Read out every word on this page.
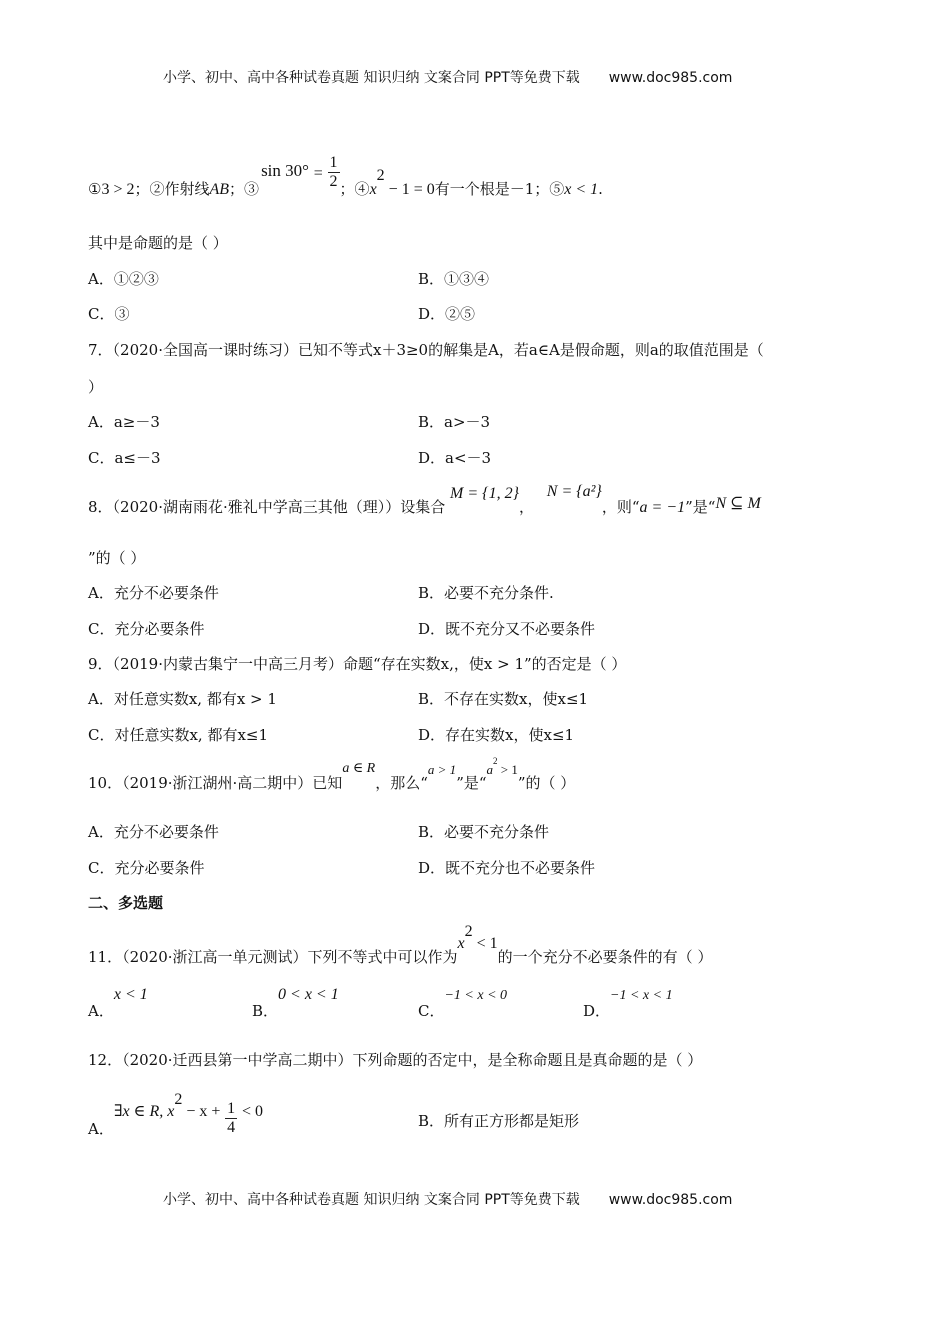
小学、初中、高中各种试卷真题 知识归纳 文案合同 PPT等免费下载 www.doc985.com
①3 > 2；②作射线AB；③sin $30^\circ = \frac{1}{2}$ ；$④x^2 - 1 = 0$有一个根是－1；⑤x < 1.
其中是命题的是（ ）
A．①②③	B．①③④
C．③	D．②⑤
7．（2020·全国高一课时练习）已知不等式x＋3≥0的解集是A，若a∈A是假命题，则a的取值范围是（
）
A．a≥－3	B．a>－3
C．a≤－3	D．a<－3
8．（2020·湖南雨花·雅礼中学高三其他（理））设集合 M = {1, 2}， N = {a²}，则“a = −1”是“N ⊆ M
”的（ ）
A．充分不必要条件	B．必要不充分条件.
C．充分必要条件	D．既不充分又不必要条件
9．（2019·内蒙古集宁一中高三月考）命题“存在实数x,，使x > 1”的否定是（ ）
A．对任意实数x, 都有x > 1	B．不存在实数x，使x≤1
C．对任意实数x, 都有x≤1	D．存在实数x，使x≤1
10．（2019·浙江湖州·高二期中）已知a ∈ R，那么“a > 1”是“$a^2 > 1$”的（ ）
A．充分不必要条件	B．必要不充分条件
C．充分必要条件	D．既不充分也不必要条件
二、多选题
11．（2020·浙江高一单元测试）下列不等式中可以作为$x^2 < 1$的一个充分不必要条件的有（ ）
A．x < 1
B．0 < x < 1
C．−1 < x < 0
D．−1 < x < 1
12．（2020·迁西县第一中学高二期中）下列命题的否定中，是全称命题且是真命题的是（ ）
A．∃x ∈ R, $x^2 - x + \frac{1}{4} < 0$
B．所有正方形都是矩形
小学、初中、高中各种试卷真题 知识归纳 文案合同 PPT等免费下载 www.doc985.com
